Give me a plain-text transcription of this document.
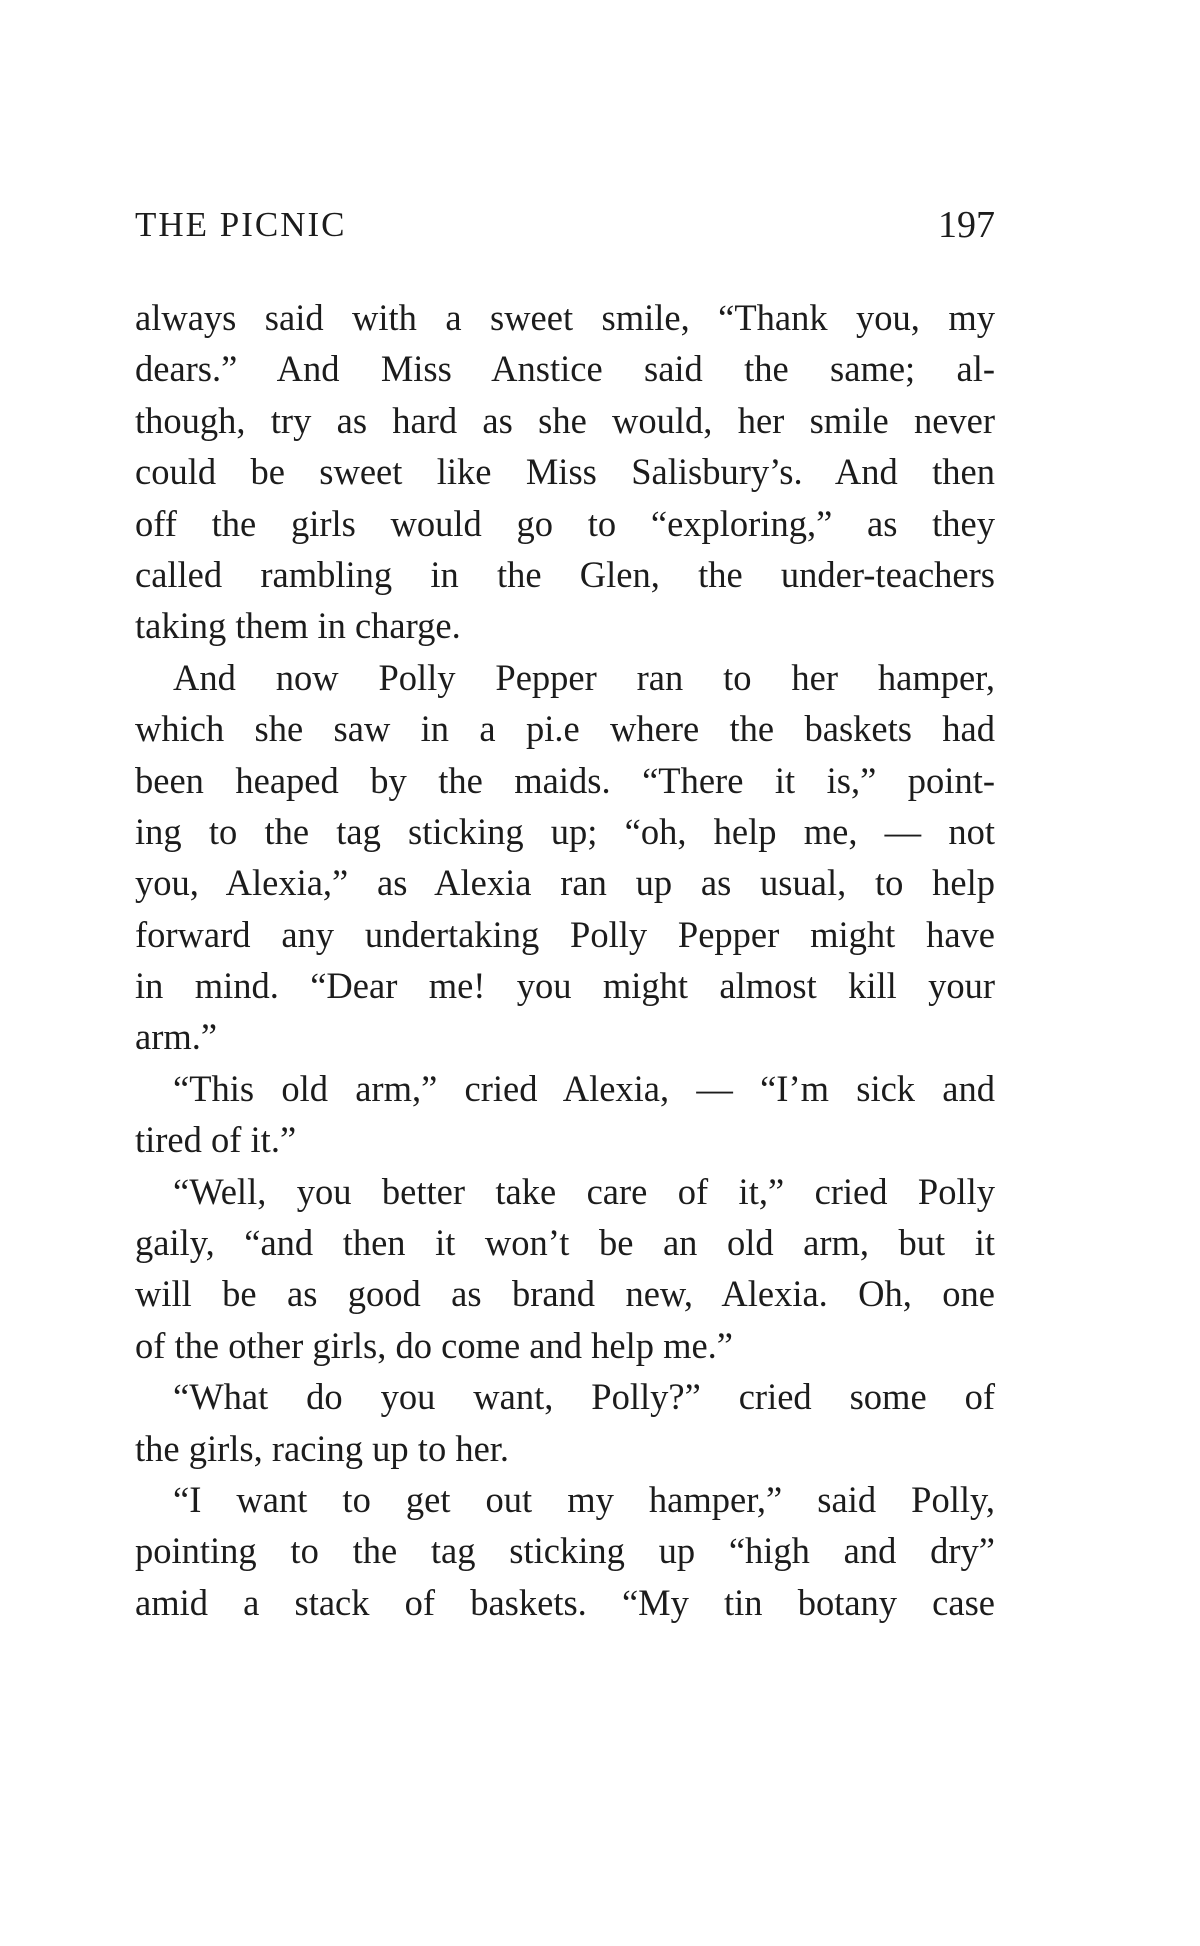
THE PICNIC	197
always said with a sweet smile, “Thank you, my
dears.” And Miss Anstice said the same; al-
though, try as hard as she would, her smile never
could be sweet like Miss Salisbury’s. And then
off the girls would go to “exploring,” as they
called rambling in the Glen, the under-teachers
taking them in charge.
And now Polly Pepper ran to her hamper,
which she saw in a pi.e where the baskets had
been heaped by the maids. “There it is,” point-
ing to the tag sticking up; “oh, help me, — not
you, Alexia,” as Alexia ran up as usual, to help
forward any undertaking Polly Pepper might have
in mind. “Dear me! you might almost kill your
arm.”
“This old arm,” cried Alexia, — “I’m sick and
tired of it.”
“Well, you better take care of it,” cried Polly
gaily, “and then it won’t be an old arm, but it
will be as good as brand new, Alexia. Oh, one
of the other girls, do come and help me.”
“What do you want, Polly?” cried some of
the girls, racing up to her.
“I want to get out my hamper,” said Polly,
pointing to the tag sticking up “high and dry”
amid a stack of baskets. “My tin botany case
